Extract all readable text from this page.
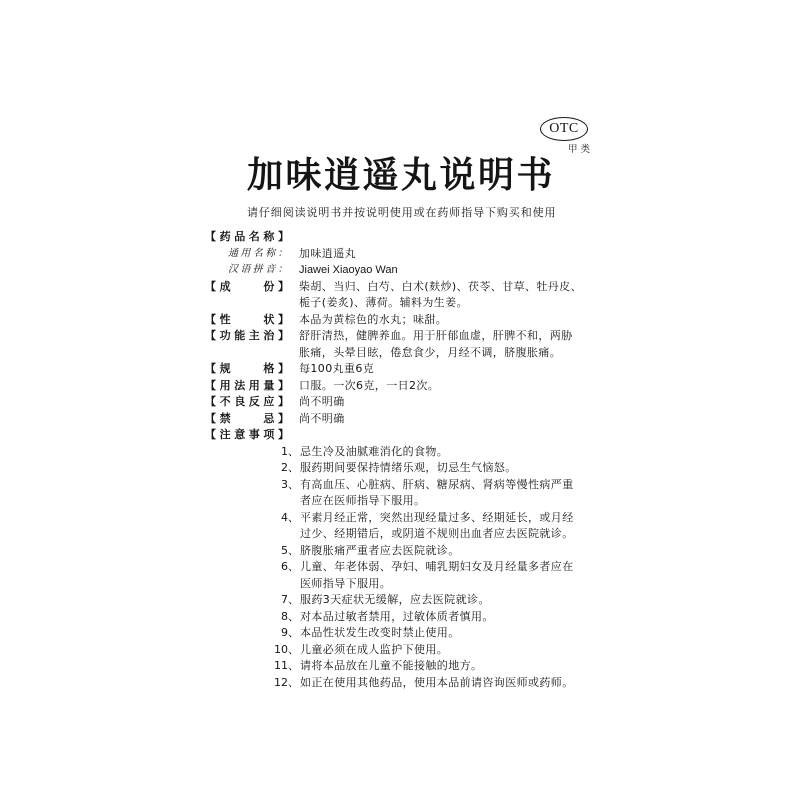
OTC
甲类
加味逍遥丸说明书
请仔细阅读说明书并按说明使用或在药师指导下购买和使用
【药品名称】
通用名称： 加味逍遥丸
汉语拼音： Jiawei Xiaoyao Wan
【成　　份】 柴胡、当归、白芍、白术(麸炒)、茯苓、甘草、牡丹皮、
栀子(姜炙)、薄荷。辅料为生姜。
【性　　状】 本品为黄棕色的水丸；味甜。
【功能主治】 舒肝清热，健脾养血。用于肝郁血虚，肝脾不和，两胁
胀痛，头晕目眩，倦怠食少，月经不调，脐腹胀痛。
【规　　格】 每100丸重6克
【用法用量】 口服。一次6克，一日2次。
【不良反应】 尚不明确
【禁　　忌】 尚不明确
【注意事项】
1、 忌生冷及油腻难消化的食物。
2、 服药期间要保持情绪乐观，切忌生气恼怒。
3、 有高血压、心脏病、肝病、糖尿病、肾病等慢性病严重
者应在医师指导下服用。
4、 平素月经正常，突然出现经量过多、经期延长，或月经
过少、经期错后，或阴道不规则出血者应去医院就诊。
5、 脐腹胀痛严重者应去医院就诊。
6、 儿童、年老体弱、孕妇、哺乳期妇女及月经量多者应在
医师指导下服用。
7、 服药3天症状无缓解，应去医院就诊。
8、 对本品过敏者禁用，过敏体质者慎用。
9、 本品性状发生改变时禁止使用。
10、 儿童必须在成人监护下使用。
11、 请将本品放在儿童不能接触的地方。
12、 如正在使用其他药品，使用本品前请咨询医师或药师。
